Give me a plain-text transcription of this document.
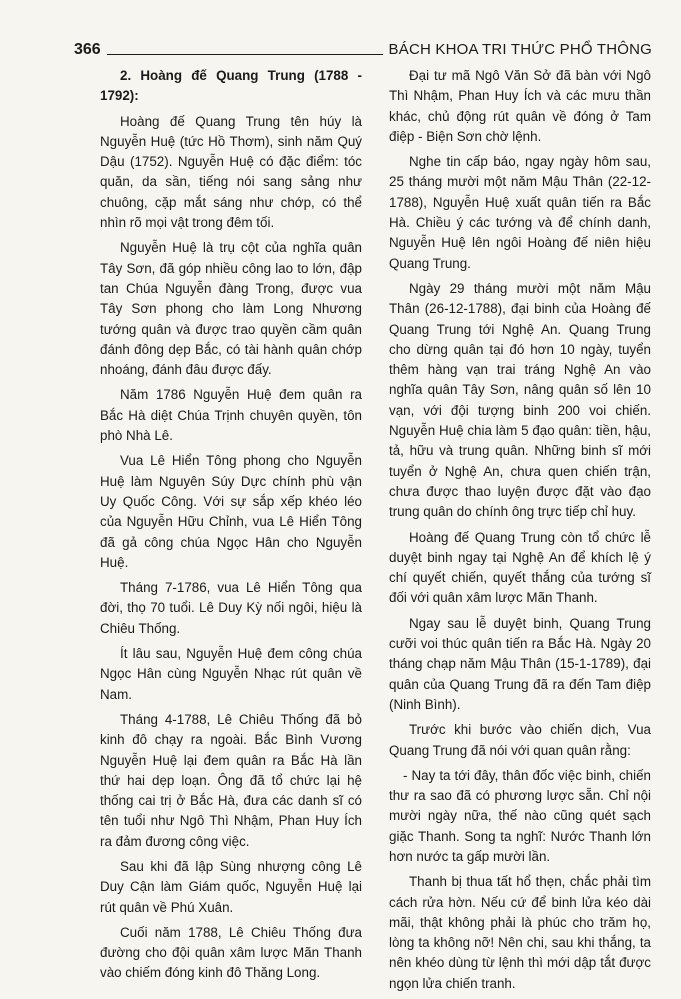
366	BÁCH KHOA TRI THỨC PHỔ THÔNG

2. Hoàng đế Quang Trung (1788 - 1792):

Hoàng đế Quang Trung tên húy là Nguyễn Huệ (tức Hồ Thơm), sinh năm Quý Dậu (1752). Nguyễn Huệ có đặc điểm: tóc quăn, da sần, tiếng nói sang sảng như chuông, cặp mắt sáng như chớp, có thể nhìn rõ mọi vật trong đêm tối.

Nguyễn Huệ là trụ cột của nghĩa quân Tây Sơn, đã góp nhiều công lao to lớn, đập tan Chúa Nguyễn đàng Trong, được vua Tây Sơn phong cho làm Long Nhương tướng quân và được trao quyền cầm quân đánh đông dẹp Bắc, có tài hành quân chớp nhoáng, đánh đâu được đấy.

Năm 1786 Nguyễn Huệ đem quân ra Bắc Hà diệt Chúa Trịnh chuyên quyền, tôn phò Nhà Lê.

Vua Lê Hiển Tông phong cho Nguyễn Huệ làm Nguyên Súy Dực chính phù vận Uy Quốc Công. Với sự sắp xếp khéo léo của Nguyễn Hữu Chỉnh, vua Lê Hiển Tông đã gả công chúa Ngọc Hân cho Nguyễn Huệ.

Tháng 7-1786, vua Lê Hiển Tông qua đời, thọ 70 tuổi. Lê Duy Kỳ nối ngôi, hiệu là Chiêu Thống.

Ít lâu sau, Nguyễn Huệ đem công chúa Ngọc Hân cùng Nguyễn Nhạc rút quân về Nam.

Tháng 4-1788, Lê Chiêu Thống đã bỏ kinh đô chạy ra ngoài. Bắc Bình Vương Nguyễn Huệ lại đem quân ra Bắc Hà lần thứ hai dẹp loạn. Ông đã tổ chức lại hệ thống cai trị ở Bắc Hà, đưa các danh sĩ có tên tuổi như Ngô Thì Nhậm, Phan Huy Ích ra đảm đương công việc.

Sau khi đã lập Sùng nhượng công Lê Duy Cận làm Giám quốc, Nguyễn Huệ lại rút quân về Phú Xuân.

Cuối năm 1788, Lê Chiêu Thống đưa đường cho đội quân xâm lược Mãn Thanh vào chiếm đóng kinh đô Thăng Long.

Đại tư mã Ngô Văn Sở đã bàn với Ngô Thì Nhậm, Phan Huy Ích và các mưu thần khác, chủ động rút quân về đóng ở Tam điệp - Biện Sơn chờ lệnh.

Nghe tin cấp báo, ngay ngày hôm sau, 25 tháng mười một năm Mậu Thân (22-12-1788), Nguyễn Huệ xuất quân tiến ra Bắc Hà. Chiều ý các tướng và để chính danh, Nguyễn Huệ lên ngôi Hoàng đế niên hiệu Quang Trung.

Ngày 29 tháng mười một năm Mậu Thân (26-12-1788), đại binh của Hoàng đế Quang Trung tới Nghệ An. Quang Trung cho dừng quân tại đó hơn 10 ngày, tuyển thêm hàng vạn trai tráng Nghệ An vào nghĩa quân Tây Sơn, nâng quân số lên 10 vạn, với đội tượng binh 200 voi chiến. Nguyễn Huệ chia làm 5 đạo quân: tiền, hậu, tả, hữu và trung quân. Những binh sĩ mới tuyển ở Nghệ An, chưa quen chiến trận, chưa được thao luyện được đặt vào đạo trung quân do chính ông trực tiếp chỉ huy.

Hoàng đế Quang Trung còn tổ chức lễ duyệt binh ngay tại Nghệ An để khích lệ ý chí quyết chiến, quyết thắng của tướng sĩ đối với quân xâm lược Mãn Thanh.

Ngay sau lễ duyệt binh, Quang Trung cưỡi voi thúc quân tiến ra Bắc Hà. Ngày 20 tháng chạp năm Mậu Thân (15-1-1789), đại quân của Quang Trung đã ra đến Tam điệp (Ninh Bình).

Trước khi bước vào chiến dịch, Vua Quang Trung đã nói với quan quân rằng:

- Nay ta tới đây, thân đốc việc binh, chiến thư ra sao đã có phương lược sẵn. Chỉ nội mười ngày nữa, thế nào cũng quét sạch giặc Thanh. Song ta nghĩ: Nước Thanh lớn hơn nước ta gấp mười lần.

Thanh bị thua tất hổ thẹn, chắc phải tìm cách rửa hờn. Nếu cứ để binh lửa kéo dài mãi, thật không phải là phúc cho trăm họ, lòng ta không nỡ! Nên chi, sau khi thắng, ta nên khéo dùng từ lệnh thì mới dập tắt được ngọn lửa chiến tranh.
